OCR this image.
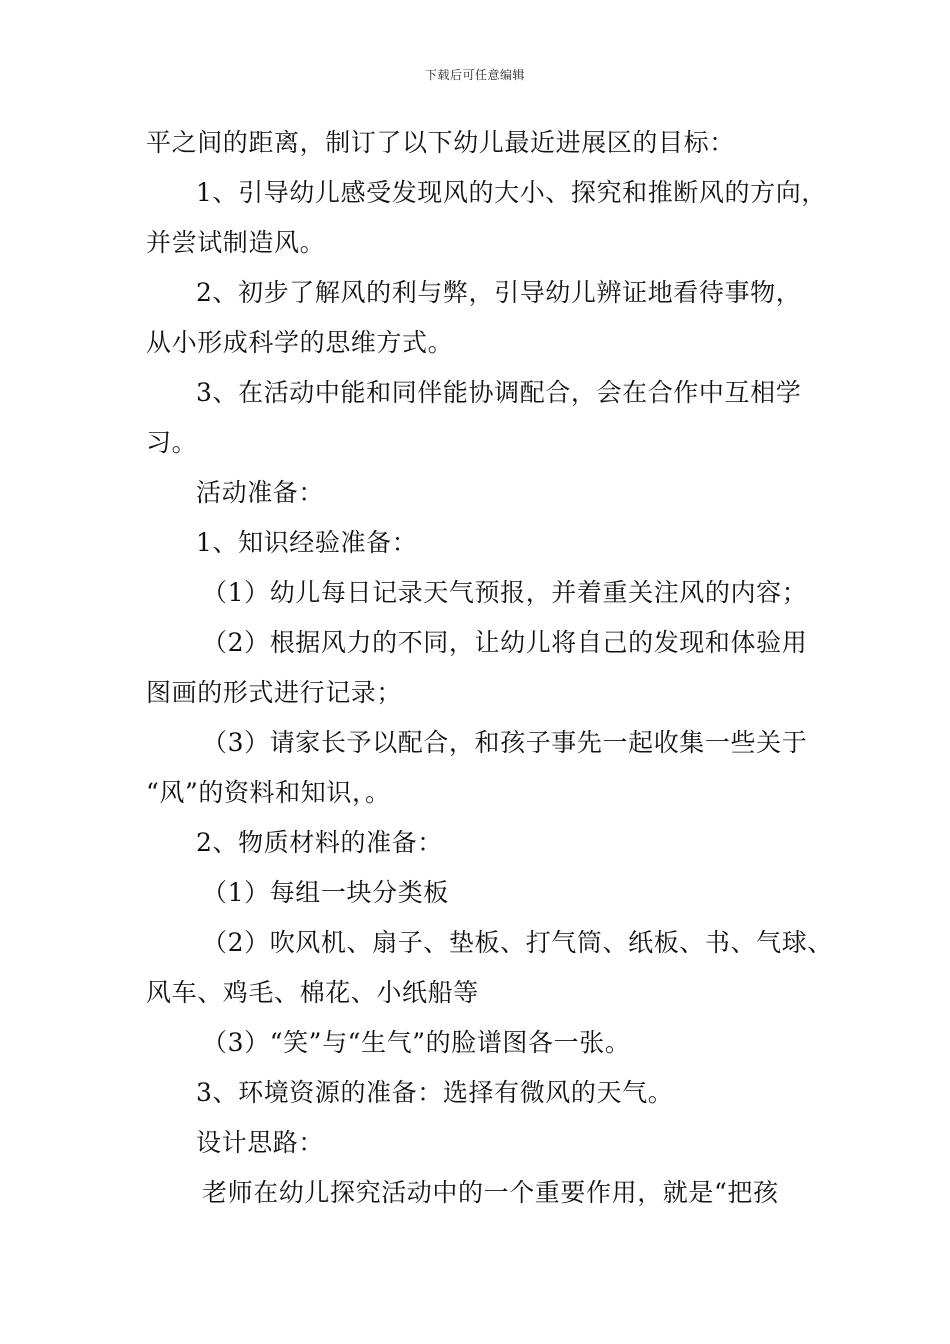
下载后可任意编辑
平之间的距离，制订了以下幼儿最近进展区的目标：
1、引导幼儿感受发现风的大小、探究和推断风的方向，
并尝试制造风。
2、初步了解风的利与弊，引导幼儿辨证地看待事物，
从小形成科学的思维方式。
3、在活动中能和同伴能协调配合，会在合作中互相学
习。
活动准备：
1、知识经验准备：
（1）幼儿每日记录天气预报，并着重关注风的内容；
（2）根据风力的不同，让幼儿将自己的发现和体验用
图画的形式进行记录；
（3）请家长予以配合，和孩子事先一起收集一些关于
“风”的资料和知识，。
2、物质材料的准备：
（1）每组一块分类板
（2）吹风机、扇子、垫板、打气筒、纸板、书、气球、
风车、鸡毛、棉花、小纸船等
（3）“笑”与“生气”的脸谱图各一张。
3、环境资源的准备：选择有微风的天气。
设计思路：
老师在幼儿探究活动中的一个重要作用，就是“把孩
